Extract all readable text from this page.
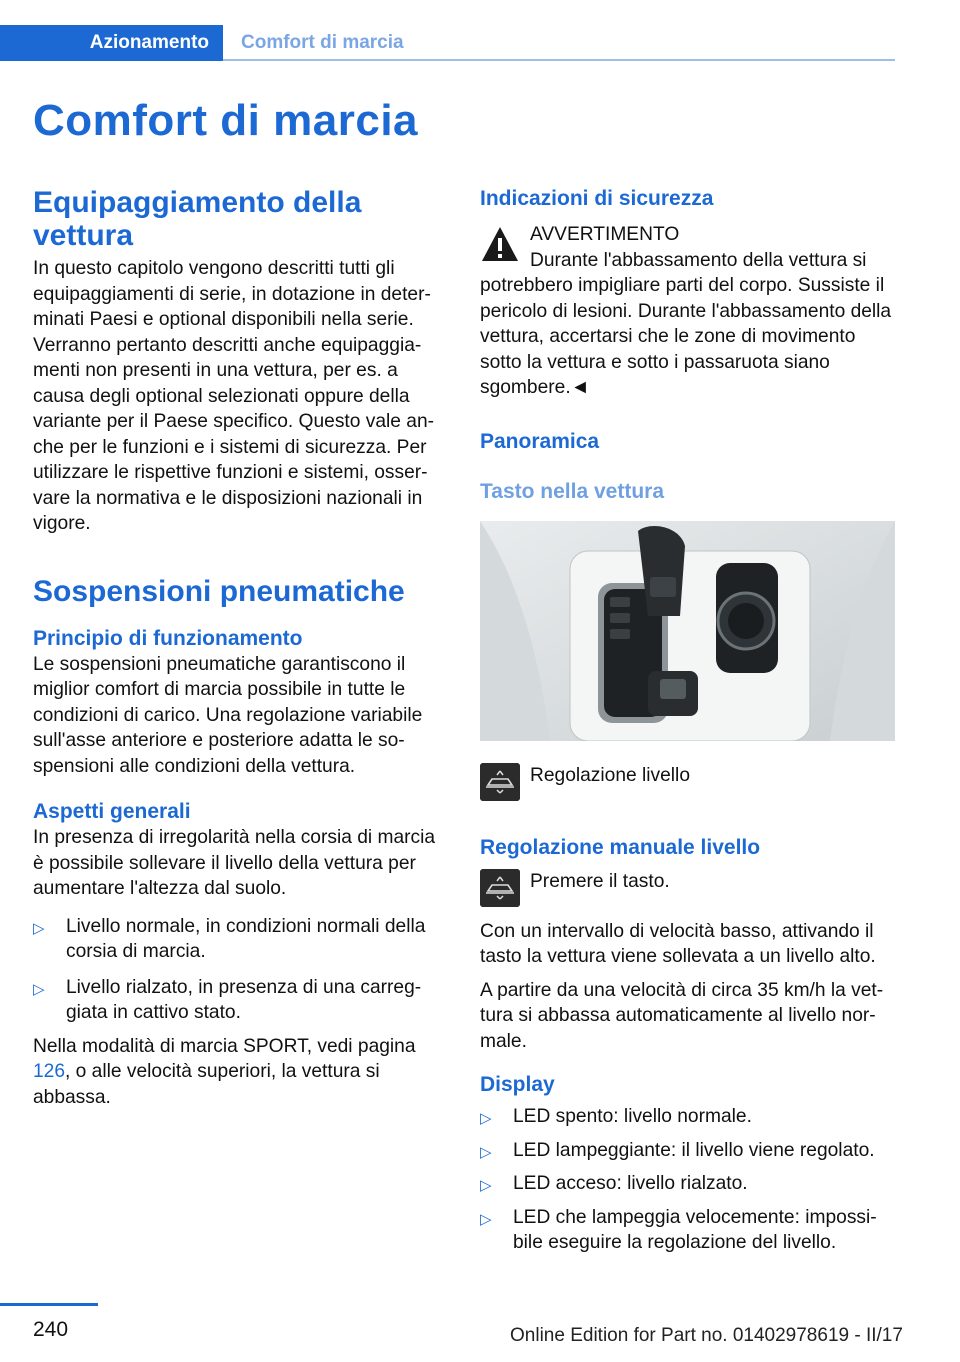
Azionamento	Comfort di marcia
Comfort di marcia
Equipaggiamento della vettura

In questo capitolo vengono descritti tutti gli equipaggiamenti di serie, in dotazione in determinati Paesi e optional disponibili nella serie. Verranno pertanto descritti anche equipaggiamenti non presenti in una vettura, per es. a causa degli optional selezionati oppure della variante per il Paese specifico. Questo vale anche per le funzioni e i sistemi di sicurezza. Per utilizzare le rispettive funzioni e sistemi, osservare la normativa e le disposizioni nazionali in vigore.

Sospensioni pneumatiche
Principio di funzionamento

Le sospensioni pneumatiche garantiscono il miglior comfort di marcia possibile in tutte le condizioni di carico. Una regolazione variabile sull'asse anteriore e posteriore adatta le sospensioni alle condizioni della vettura.

Aspetti generali

In presenza di irregolarità nella corsia di marcia è possibile sollevare il livello della vettura per aumentare l'altezza dal suolo.

▷	Livello normale, in condizioni normali della corsia di marcia.
▷	Livello rialzato, in presenza di una carreggiata in cattivo stato.

Nella modalità di marcia SPORT, vedi pagina 126, o alle velocità superiori, la vettura si abbassa.

Indicazioni di sicurezza
AVVERTIMENTO
Durante l'abbassamento della vettura si

potrebbero impigliare parti del corpo. Sussiste il pericolo di lesioni. Durante l'abbassamento della vettura, accertarsi che le zone di movimento sotto la vettura e sotto i passaruota siano sgombere.◄

Panoramica
Tasto nella vettura
Regolazione livello
Regolazione manuale livello
Premere il tasto.

Con un intervallo di velocità basso, attivando il tasto la vettura viene sollevata a un livello alto.

A partire da una velocità di circa 35 km/h la vettura si abbassa automaticamente al livello normale.

Display
▷	LED spento: livello normale.
▷	LED lampeggiante: il livello viene regolato.
▷	LED acceso: livello rialzato.
▷	LED che lampeggia velocemente: impossibile eseguire la regolazione del livello.
240	Online Edition for Part no. 01402978619 - II/17
